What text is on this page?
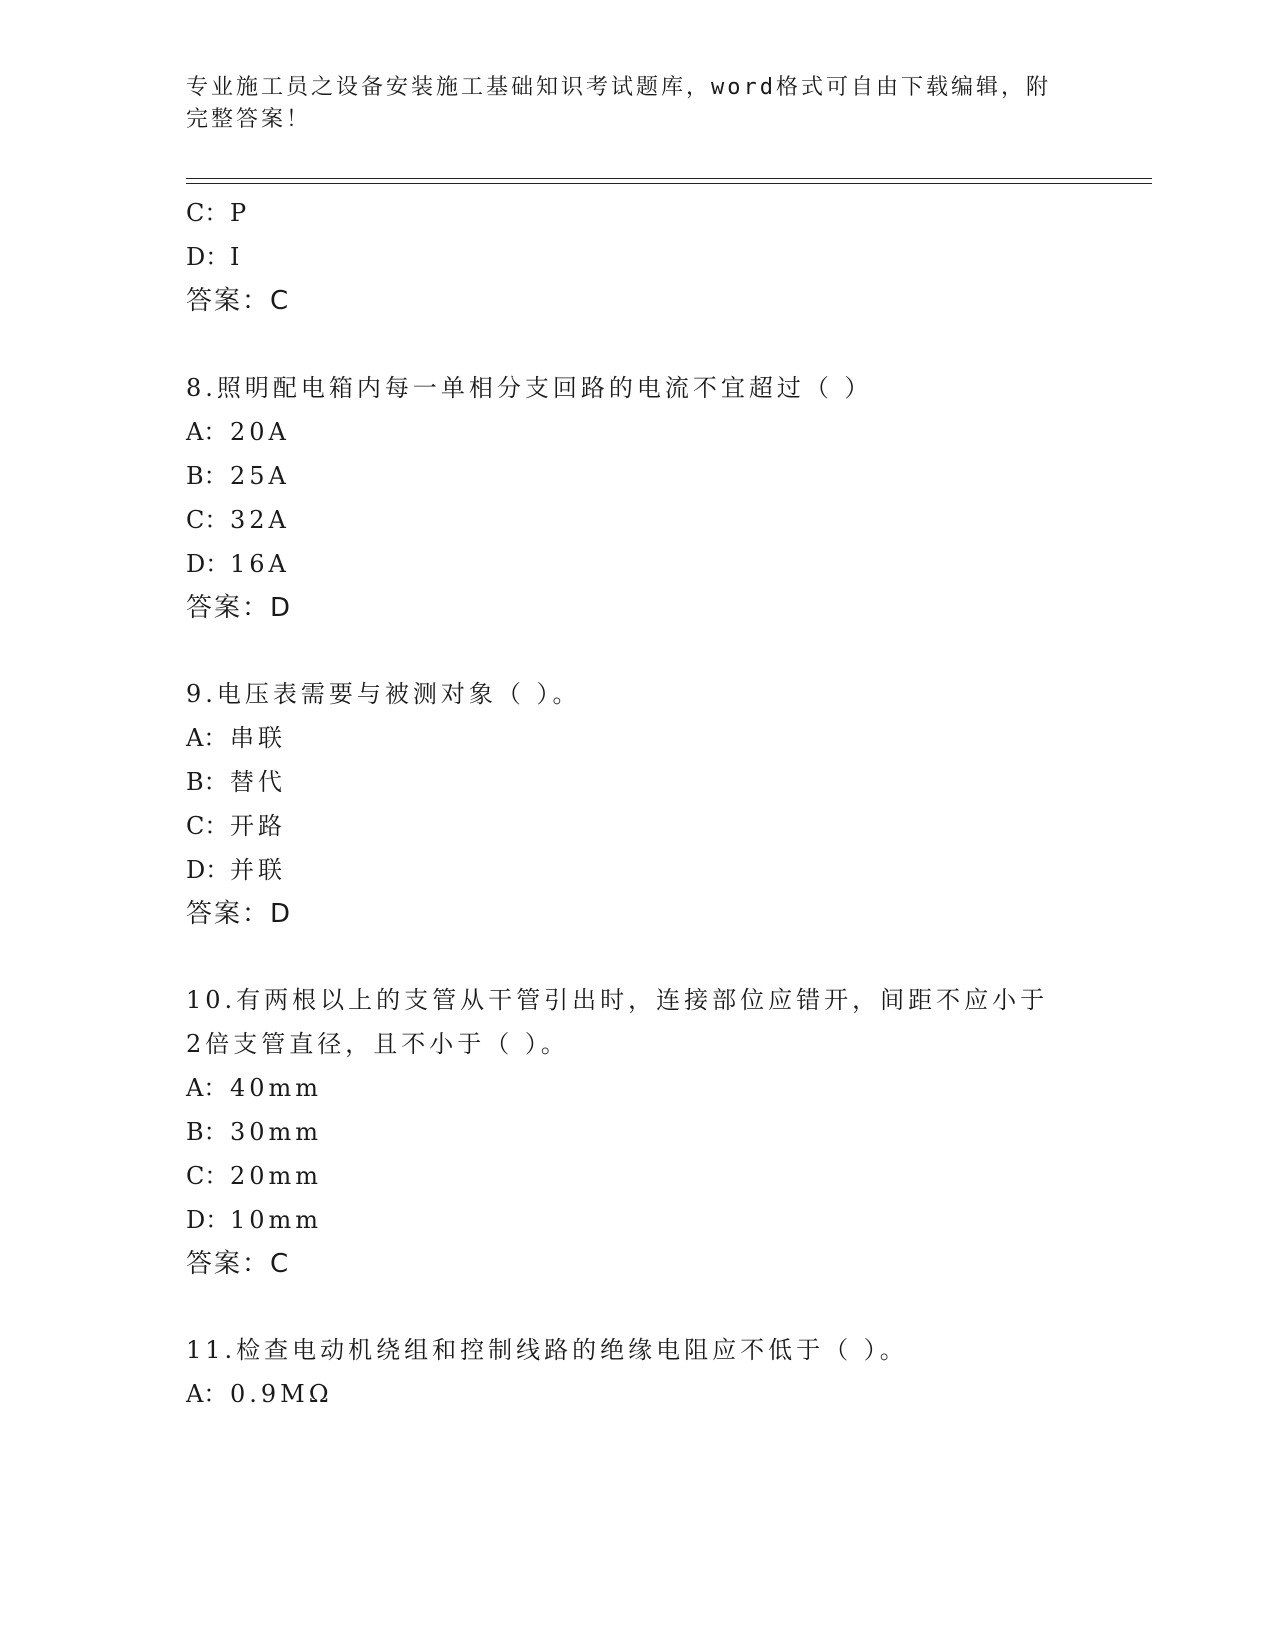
专业施工员之设备安装施工基础知识考试题库，word格式可自由下载编辑，附完整答案！
C：P
D：I
答案：C
8.照明配电箱内每一单相分支回路的电流不宜超过（ ）
A： 20A
B：25A
C：32A
D：16A
答案：D
9.电压表需要与被测对象（ ）。
A： 串联
B：替代
C：开路
D：并联
答案：D
10.有两根以上的支管从干管引出时，连接部位应错开，间距不应小于
2倍支管直径，且不小于（ ）。
A： 40mm
B：30mm
C：20mm
D：10mm
答案：C
11.检查电动机绕组和控制线路的绝缘电阻应不低于（ ）。
A： 0.9MΩ
